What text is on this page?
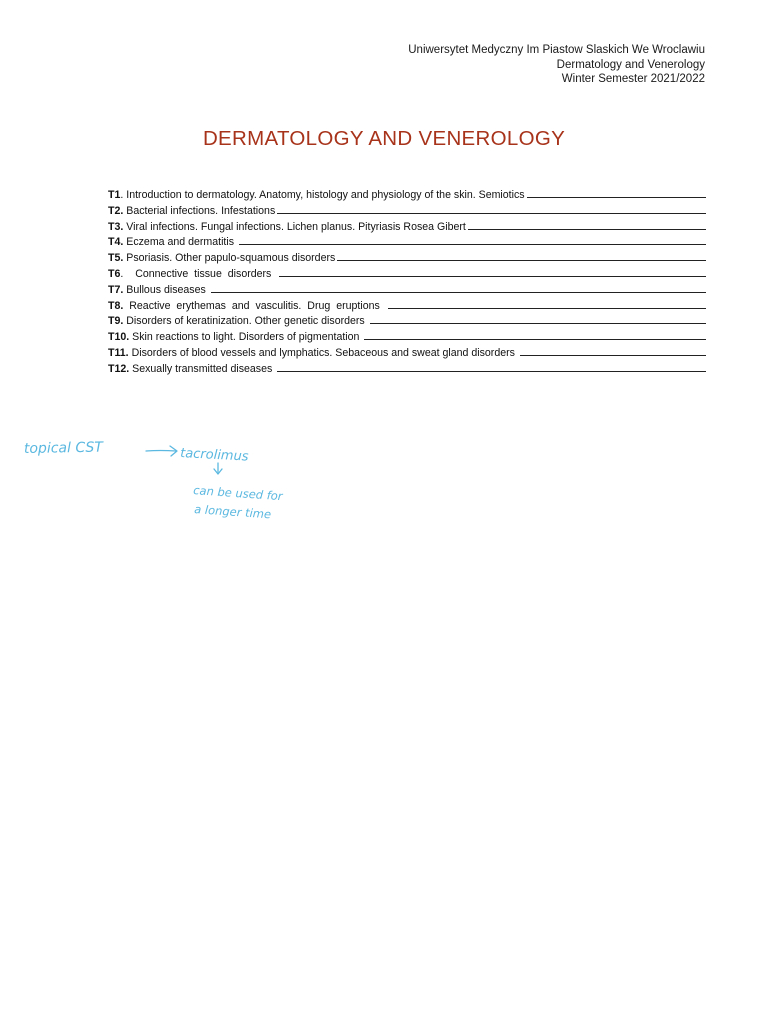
Uniwersytet Medyczny Im Piastow Slaskich We Wroclawiu
Dermatology and Venerology
Winter Semester 2021/2022
DERMATOLOGY AND VENEROLOGY
T1 . Introduction to dermatology. Anatomy, histology and physiology of the skin. Semiotics
T2. Bacterial infections. Infestations
T3. Viral infections. Fungal infections. Lichen planus. Pityriasis Rosea Gibert
T4. Eczema and dermatitis
T5. Psoriasis. Other papulo-squamous disorders
T6 .	Connective tissue disorders
T7. Bullous diseases
T8. Reactive erythemas and vasculitis. Drug eruptions
T9. Disorders of keratinization. Other genetic disorders
T10. Skin reactions to light. Disorders of pigmentation
T11. Disorders of blood vessels and lymphatics. Sebaceous and sweat gland disorders
T12. Sexually transmitted diseases
topical CST	tacrolimus
can be used for
a longer time
